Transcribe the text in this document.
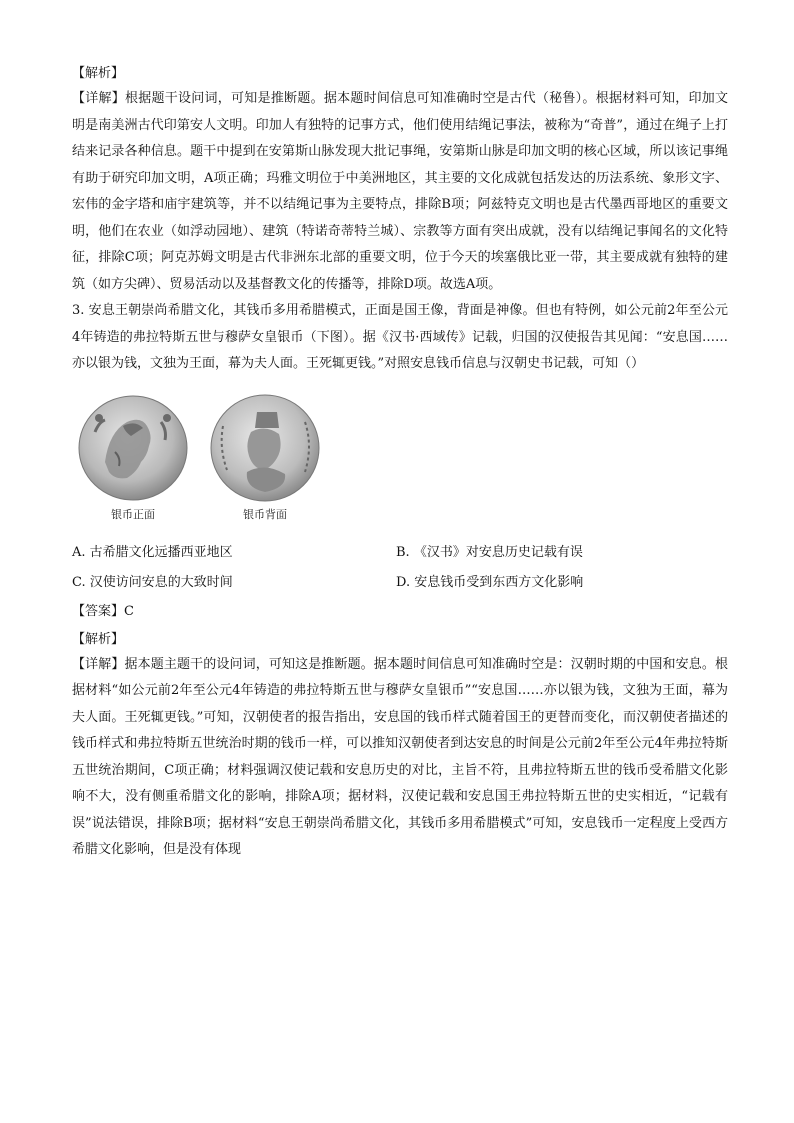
【解析】

【详解】根据题干设问词，可知是推断题。据本题时间信息可知准确时空是古代（秘鲁）。根据材料可知，印加文明是南美洲古代印第安人文明。印加人有独特的记事方式，他们使用结绳记事法，被称为“奇普”，通过在绳子上打结来记录各种信息。题干中提到在安第斯山脉发现大批记事绳，安第斯山脉是印加文明的核心区域，所以该记事绳有助于研究印加文明，A项正确；玛雅文明位于中美洲地区，其主要的文化成就包括发达的历法系统、象形文字、宏伟的金字塔和庙宇建筑等，并不以结绳记事为主要特点，排除B项；阿兹特克文明也是古代墨西哥地区的重要文明，他们在农业（如浮动园地）、建筑（特诺奇蒂特兰城）、宗教等方面有突出成就，没有以结绳记事闻名的文化特征，排除C项；阿克苏姆文明是古代非洲东北部的重要文明，位于今天的埃塞俄比亚一带，其主要成就有独特的建筑（如方尖碑）、贸易活动以及基督教文化的传播等，排除D项。故选A项。

3. 安息王朝崇尚希腊文化，其钱币多用希腊模式，正面是国王像，背面是神像。但也有特例，如公元前2年至公元4年铸造的弗拉特斯五世与穆萨女皇银币（下图）。据《汉书·西域传》记载，归国的汉使报告其见闻：“安息国……亦以银为钱，文独为王面，幕为夫人面。王死辄更钱。”对照安息钱币信息与汉朝史书记载，可知（）

银币正面	银币背面
A. 古希腊文化远播西亚地区	B. 《汉书》对安息历史记载有误
C. 汉使访问安息的大致时间	D. 安息钱币受到东西方文化影响
【答案】C
【解析】

【详解】据本题主题干的设问词，可知这是推断题。据本题时间信息可知准确时空是：汉朝时期的中国和安息。根据材料“如公元前2年至公元4年铸造的弗拉特斯五世与穆萨女皇银币”“安息国……亦以银为钱，文独为王面，幕为夫人面。王死辄更钱。”可知，汉朝使者的报告指出，安息国的钱币样式随着国王的更替而变化，而汉朝使者描述的钱币样式和弗拉特斯五世统治时期的钱币一样，可以推知汉朝使者到达安息的时间是公元前2年至公元4年弗拉特斯五世统治期间，C项正确；材料强调汉使记载和安息历史的对比，主旨不符，且弗拉特斯五世的钱币受希腊文化影响不大，没有侧重希腊文化的影响，排除A项；据材料，汉使记载和安息国王弗拉特斯五世的史实相近，“记载有误”说法错误，排除B项；据材料“安息王朝崇尚希腊文化，其钱币多用希腊模式”可知，安息钱币一定程度上受西方希腊文化影响，但是没有体现
